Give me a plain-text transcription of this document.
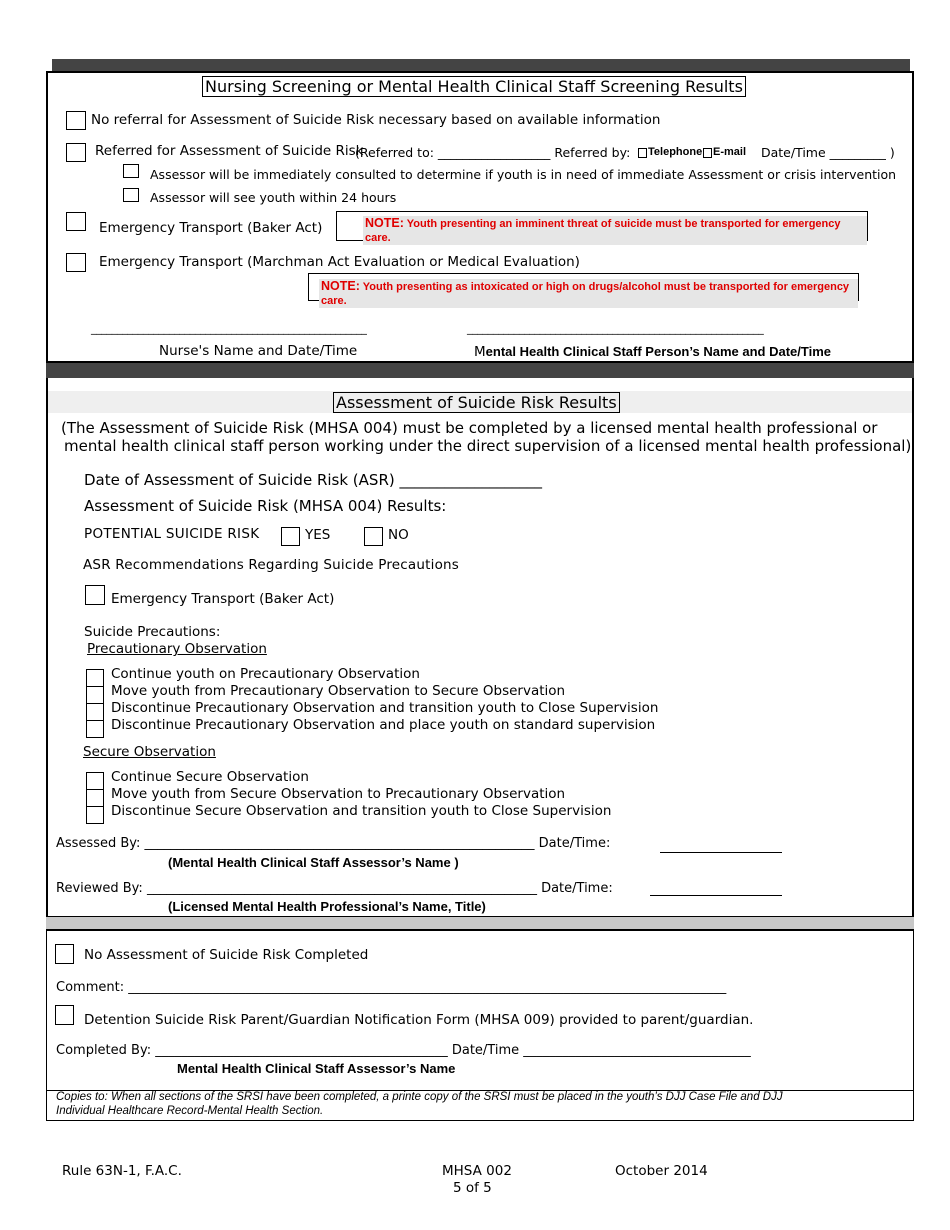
Nursing Screening or Mental Health Clinical Staff Screening Results
No referral for Assessment of Suicide Risk necessary based on available information
Referred for Assessment of Suicide Risk
(Referred to: __________________ Referred by: Telephone E-mail Date/Time _________ )
Assessor will be immediately consulted to determine if youth is in need of immediate Assessment or crisis intervention
Assessor will see youth within 24 hours
Emergency Transport (Baker Act)	NOTE: Youth presenting an imminent threat of suicide must be transported for emergency care.
Emergency Transport (Marchman Act Evaluation or Medical Evaluation)
NOTE: Youth presenting as intoxicated or high on drugs/alcohol must be transported for emergency care.
_____________________________________________________	_________________________________________________________
Nurse's Name and Date/Time	Mental Health Clinical Staff Person’s Name and Date/Time
Assessment of Suicide Risk Results
(The Assessment of Suicide Risk (MHSA 004) must be completed by a licensed mental health professional or
mental health clinical staff person working under the direct supervision of a licensed mental health professional)
Date of Assessment of Suicide Risk (ASR) ___________________
Assessment of Suicide Risk (MHSA 004) Results:
POTENTIAL SUICIDE RISK	YES	NO
ASR Recommendations Regarding Suicide Precautions
Emergency Transport (Baker Act)
Suicide Precautions:
Precautionary Observation
Continue youth on Precautionary Observation
Move youth from Precautionary Observation to Secure Observation
Discontinue Precautionary Observation and transition youth to Close Supervision
Discontinue Precautionary Observation and place youth on standard supervision
Secure Observation
Continue Secure Observation
Move youth from Secure Observation to Precautionary Observation
Discontinue Secure Observation and transition youth to Close Supervision
Assessed By: ____________________________________________________________ Date/Time:
(Mental Health Clinical Staff Assessor’s Name )
Reviewed By: ____________________________________________________________ Date/Time:
(Licensed Mental Health Professional’s Name, Title)
No Assessment of Suicide Risk Completed
Comment: ____________________________________________________________________________________________
Detention Suicide Risk Parent/Guardian Notification Form (MHSA 009) provided to parent/guardian.
Completed By: _____________________________________________ Date/Time ___________________________________
Mental Health Clinical Staff Assessor’s Name
Copies to: When all sections of the SRSI have been completed, a printe copy of the SRSI must be placed in the youth’s DJJ Case File and DJJ
Individual Healthcare Record-Mental Health Section.
Rule 63N-1, F.A.C.	MHSA 002	October 2014
5 of 5
